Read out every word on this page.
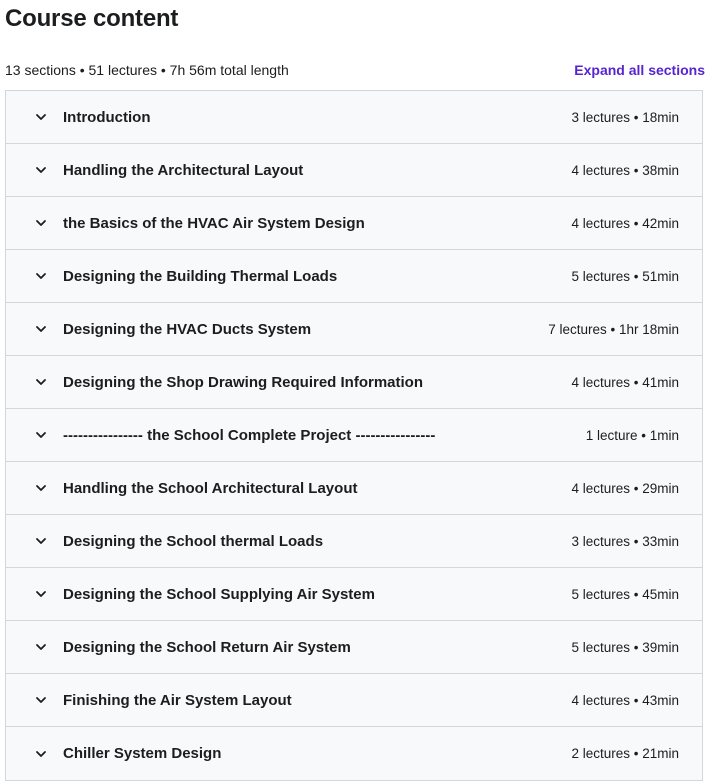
Course content
13 sections • 51 lectures • 7h 56m total length	Expand all sections
Introduction	3 lectures • 18min
Handling the Architectural Layout	4 lectures • 38min
the Basics of the HVAC Air System Design	4 lectures • 42min
Designing the Building Thermal Loads	5 lectures • 51min
Designing the HVAC Ducts System	7 lectures • 1hr 18min
Designing the Shop Drawing Required Information	4 lectures • 41min
---------------- the School Complete Project ----------------	1 lecture • 1min
Handling the School Architectural Layout	4 lectures • 29min
Designing the School thermal Loads	3 lectures • 33min
Designing the School Supplying Air System	5 lectures • 45min
Designing the School Return Air System	5 lectures • 39min
Finishing the Air System Layout	4 lectures • 43min
Chiller System Design	2 lectures • 21min
